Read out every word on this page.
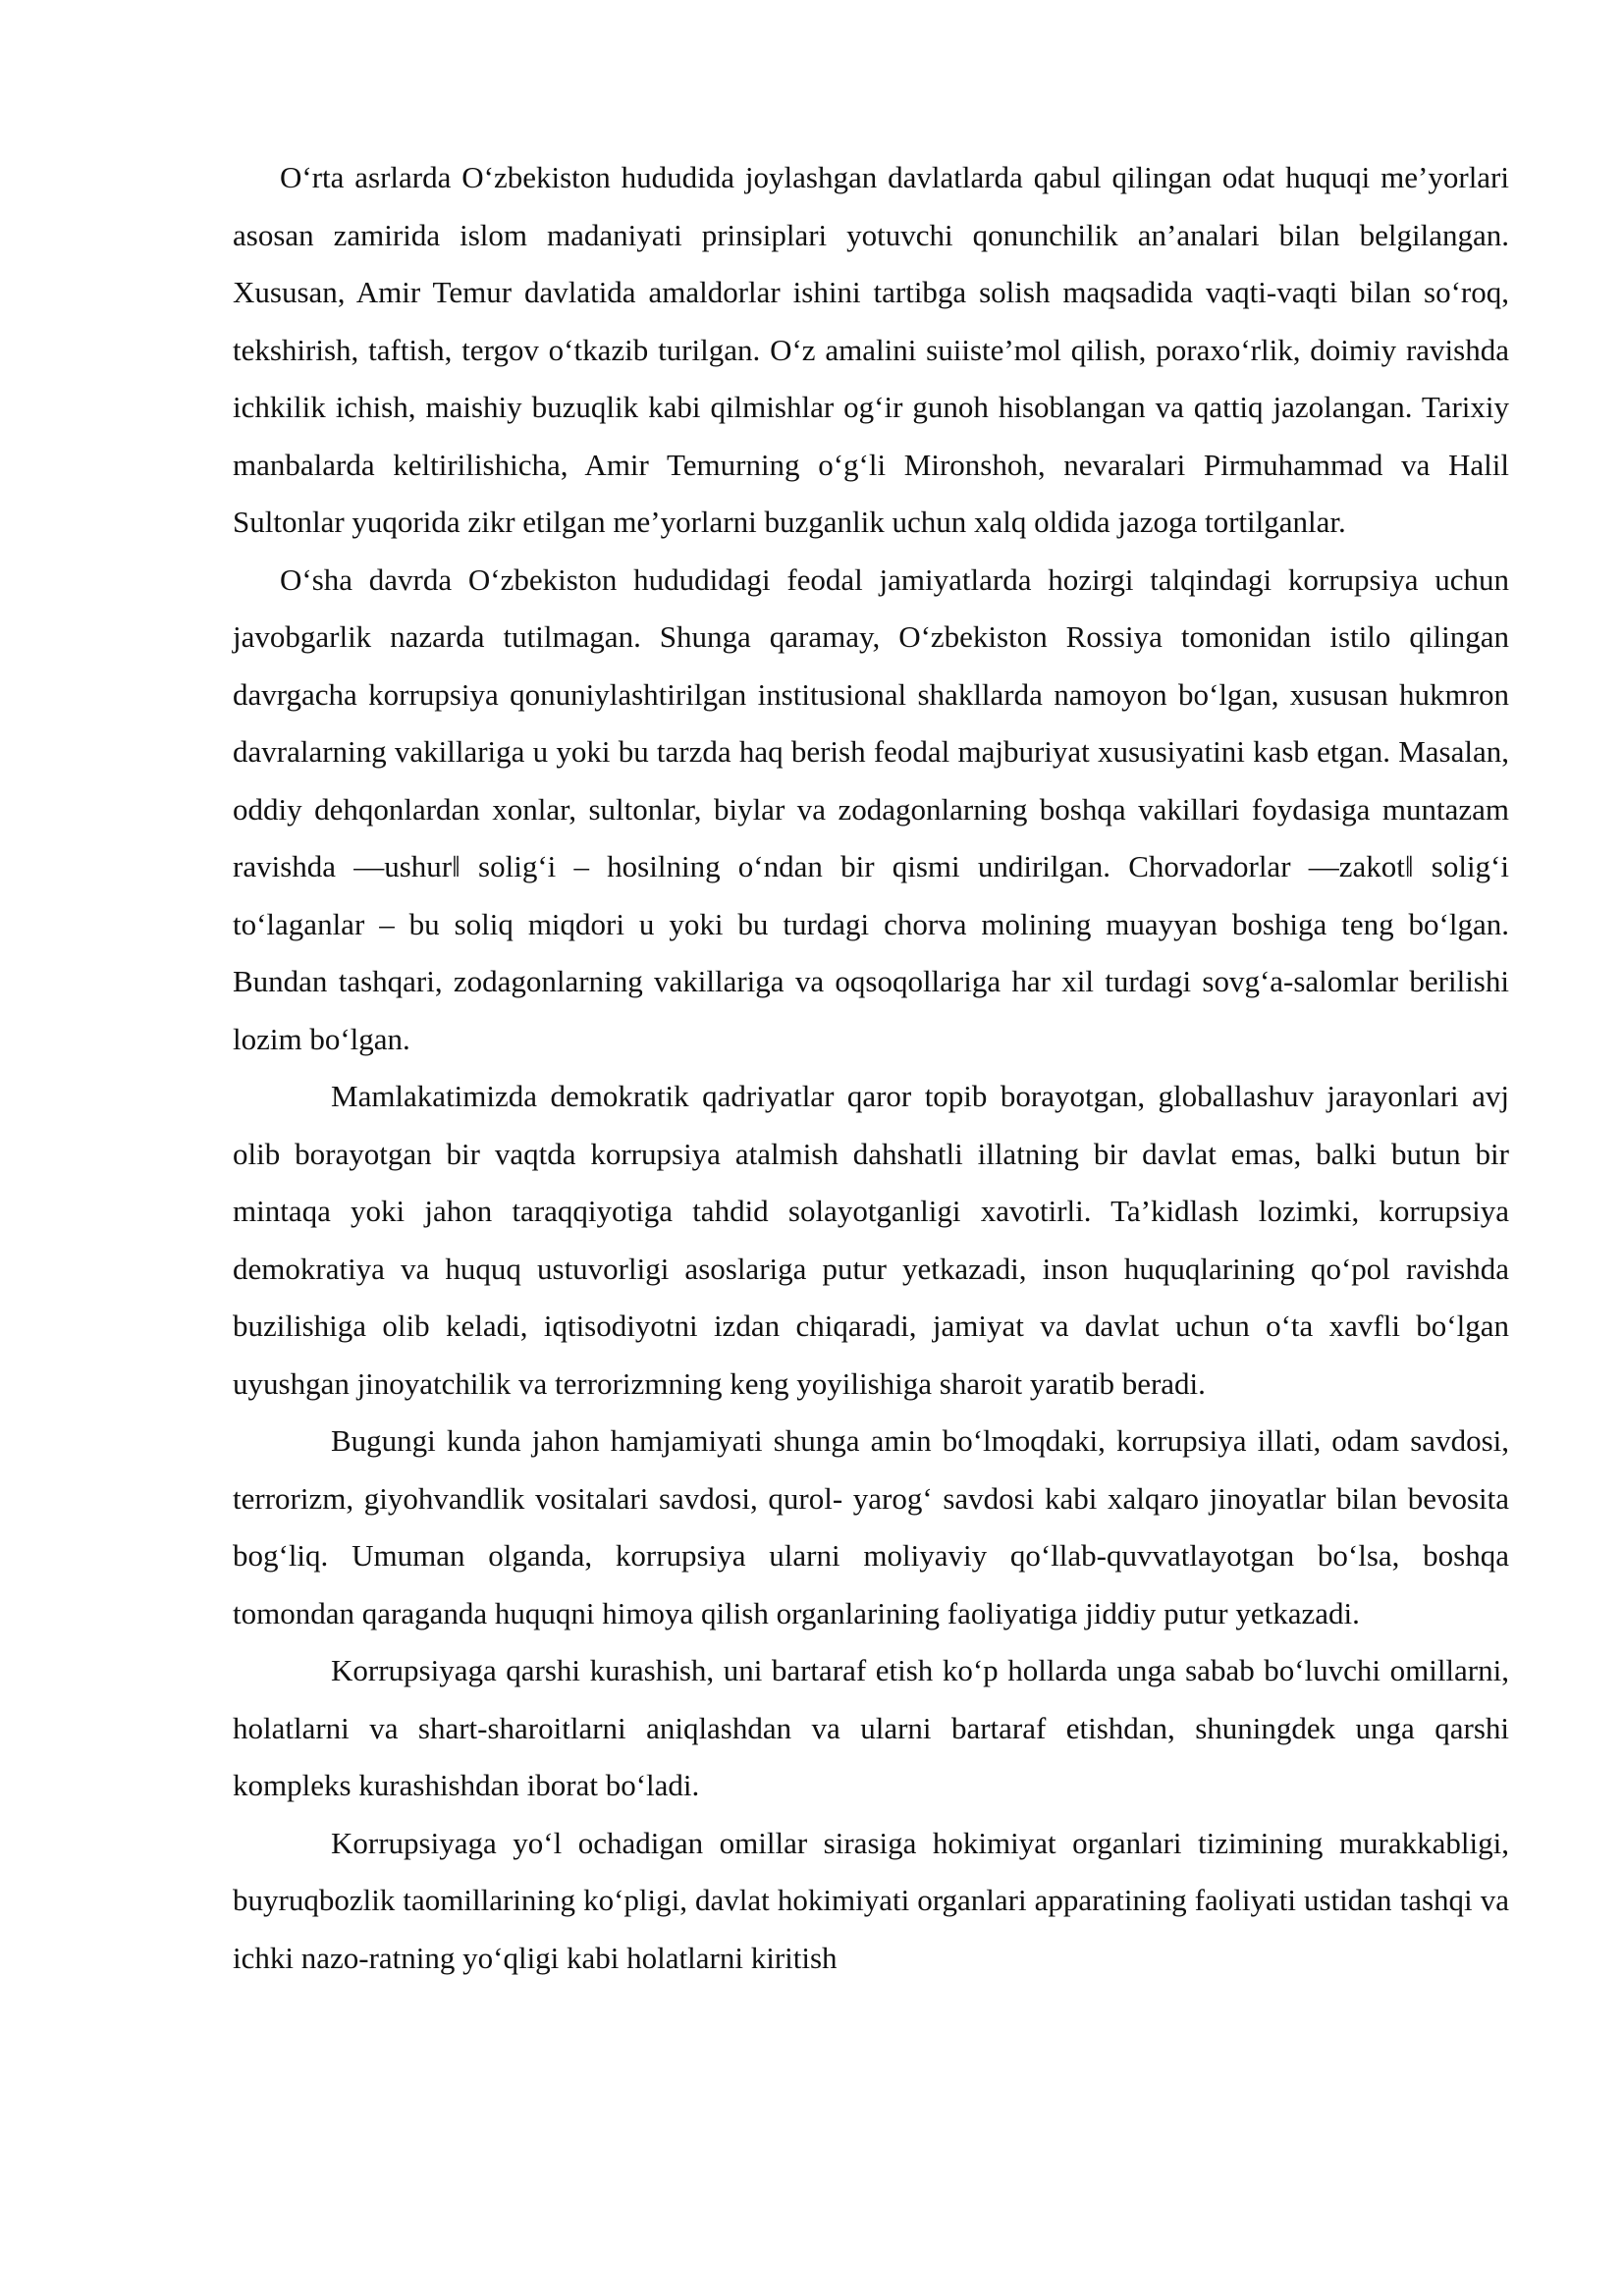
O‘rta asrlarda O‘zbekiston hududida joylashgan davlatlarda qabul qilingan odat huquqi me’yorlari asosan zamirida islom madaniyati prinsiplari yotuvchi qonunchilik an’analari bilan belgilangan. Xususan, Amir Temur davlatida amaldorlar ishini tartibga solish maqsadida vaqti-vaqti bilan so‘roq, tekshirish, taftish, tergov o‘tkazib turilgan. O‘z amalini suiiste’mol qilish, poraxo‘rlik, doimiy ravishda ichkilik ichish, maishiy buzuqlik kabi qilmishlar og‘ir gunoh hisoblangan va qattiq jazolangan. Tarixiy manbalarda keltirilishicha, Amir Temurning o‘g‘li Mironshoh, nevaralari Pirmuhammad va Halil Sultonlar yuqorida zikr etilgan me’yorlarni buzganlik uchun xalq oldida jazoga tortilganlar.

O‘sha davrda O‘zbekiston hududidagi feodal jamiyatlarda hozirgi talqindagi korrupsiya uchun javobgarlik nazarda tutilmagan. Shunga qaramay, O‘zbekiston Rossiya tomonidan istilo qilingan davrgacha korrupsiya qonuniylashtirilgan institusional shakllarda namoyon bo‘lgan, xususan hukmron davralarning vakillariga u yoki bu tarzda haq berish feodal majburiyat xususiyatini kasb etgan. Masalan, oddiy dehqonlardan xonlar, sultonlar, biylar va zodagonlarning boshqa vakillari foydasiga muntazam ravishda ―ushur‖ solig‘i – hosilning o‘ndan bir qismi undirilgan. Chorvadorlar ―zakot‖ solig‘i to‘laganlar – bu soliq miqdori u yoki bu turdagi chorva molining muayyan boshiga teng bo‘lgan. Bundan tashqari, zodagonlarning vakillariga va oqsoqollariga har xil turdagi sovg‘a-salomlar berilishi lozim bo‘lgan.

Mamlakatimizda demokratik qadriyatlar qaror topib borayotgan, globallashuv jarayonlari avj olib borayotgan bir vaqtda korrupsiya atalmish dahshatli illatning bir davlat emas, balki butun bir mintaqa yoki jahon taraqqiyotiga tahdid solayotganligi xavotirli. Ta’kidlash lozimki, korrupsiya demokratiya va huquq ustuvorligi asoslariga putur yetkazadi, inson huquqlarining qo‘pol ravishda buzilishiga olib keladi, iqtisodiyotni izdan chiqaradi, jamiyat va davlat uchun o‘ta xavfli bo‘lgan uyushgan jinoyatchilik va terrorizmning keng yoyilishiga sharoit yaratib beradi.

Bugungi kunda jahon hamjamiyati shunga amin bo‘lmoqdaki, korrupsiya illati, odam savdosi, terrorizm, giyohvandlik vositalari savdosi, qurol- yarog‘ savdosi kabi xalqaro jinoyatlar bilan bevosita bog‘liq. Umuman olganda, korrupsiya ularni moliyaviy qo‘llab-quvvatlayotgan bo‘lsa, boshqa tomondan qaraganda huquqni himoya qilish organlarining faoliyatiga jiddiy putur yetkazadi.

Korrupsiyaga qarshi kurashish, uni bartaraf etish ko‘p hollarda unga sabab bo‘luvchi omillarni, holatlarni va shart-sharoitlarni aniqlashdan va ularni bartaraf etishdan, shuningdek unga qarshi kompleks kurashishdan iborat bo‘ladi.

Korrupsiyaga yo‘l ochadigan omillar sirasiga hokimiyat organlari tizimining murakkabligi, buyruqbozlik taomillarining ko‘pligi, davlat hokimiyati organlari apparatining faoliyati ustidan tashqi va ichki nazo-ratning yo‘qligi kabi holatlarni kiritish
